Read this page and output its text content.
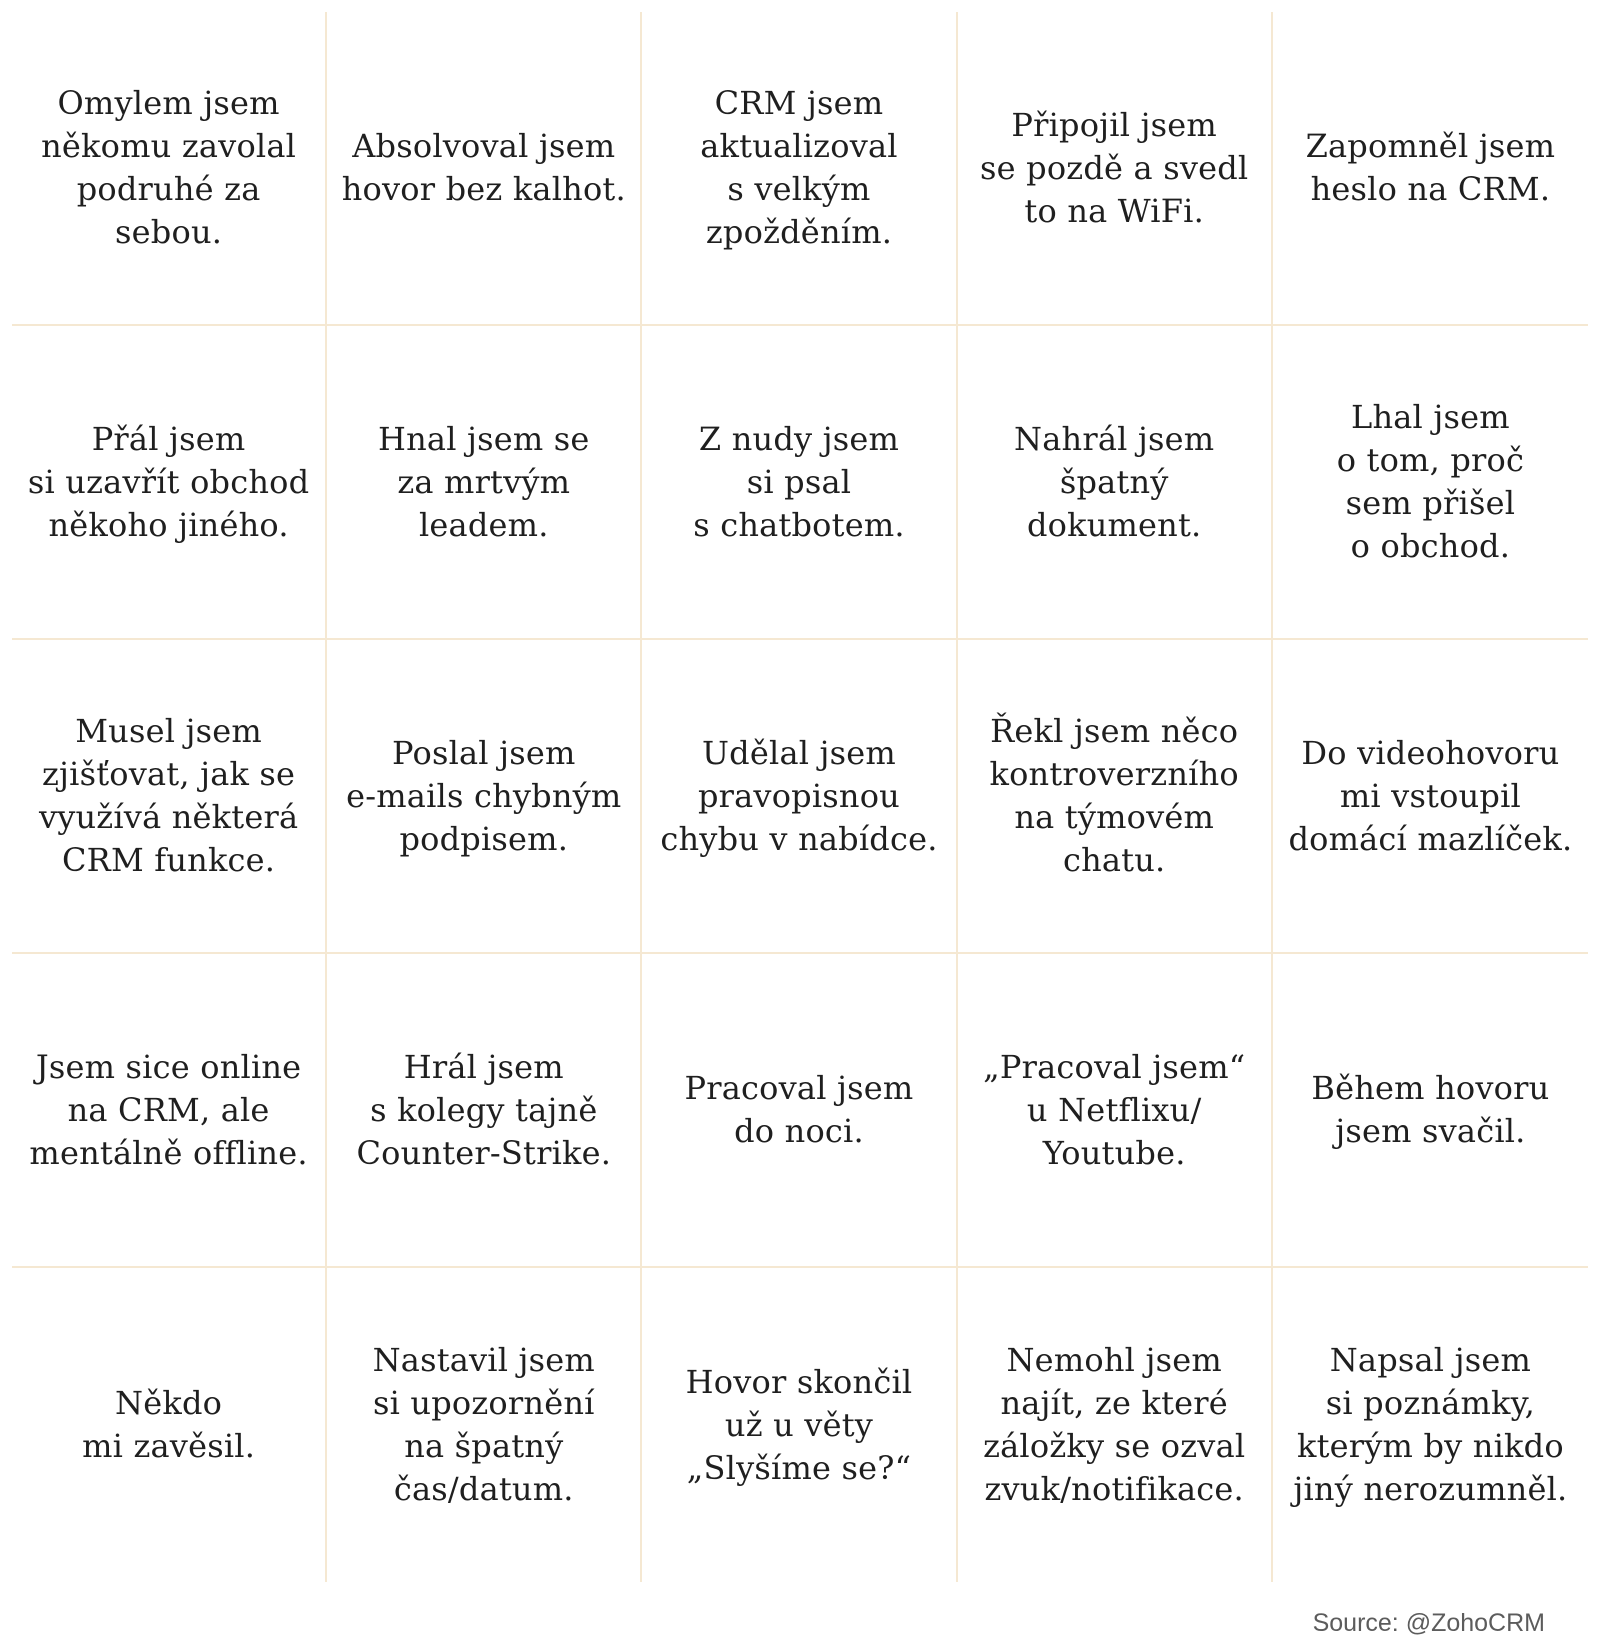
Omylem jsem
někomu zavolal
podruhé za sebou.
Absolvoval jsem
hovor bez kalhot.
CRM jsem
aktualizoval
s velkým
zpožděním.
Připojil jsem
se pozdě a svedl
to na WiFi.
Zapomněl jsem
heslo na CRM.
Přál jsem
si uzavřít obchod
někoho jiného.
Hnal jsem se
za mrtvým
leadem.
Z nudy jsem
si psal
s chatbotem.
Nahrál jsem
špatný
dokument.
Lhal jsem
o tom, proč
sem přišel
o obchod.
Musel jsem
zjišťovat, jak se
využívá některá
CRM funkce.
Poslal jsem
e-mails chybným
podpisem.
Udělal jsem
pravopisnou
chybu v nabídce.
Řekl jsem něco
kontroverzního
na týmovém
chatu.
Do videohovoru
mi vstoupil
domácí mazlíček.
Jsem sice online
na CRM, ale
mentálně offline.
Hrál jsem
s kolegy tajně
Counter-Strike.
Pracoval jsem
do noci.
„Pracoval jsem“
u Netflixu/
Youtube.
Během hovoru
jsem svačil.
Někdo
mi zavěsil.
Nastavil jsem
si upozornění
na špatný
čas/datum.
Hovor skončil
už u věty
„Slyšíme se?“
Nemohl jsem
najít, ze které
záložky se ozval
zvuk/notifikace.
Napsal jsem
si poznámky,
kterým by nikdo
jiný nerozumněl.
Source: @ZohoCRM
